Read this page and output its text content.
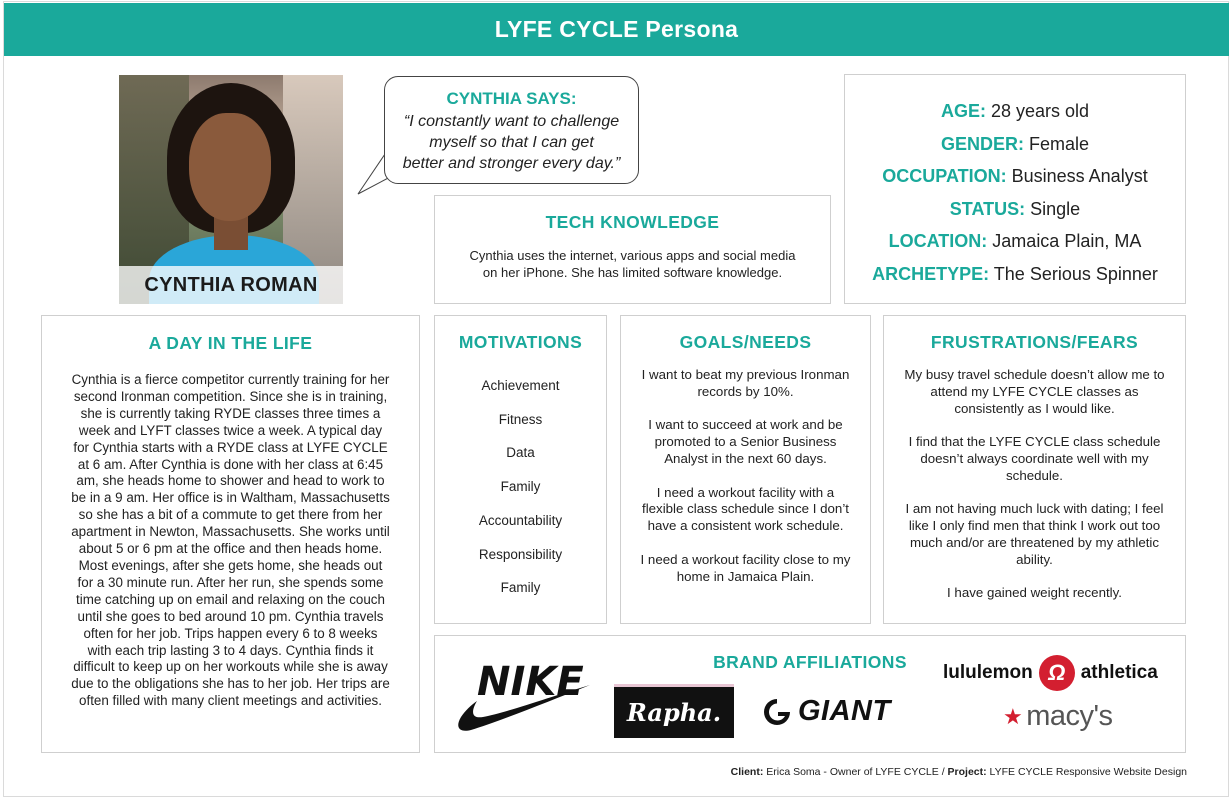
LYFE CYCLE Persona
CYNTHIA ROMAN
CYNTHIA SAYS:
“I constantly want to challenge
myself so that I can get
better and stronger every day.”
AGE: 28 years old
GENDER: Female
OCCUPATION: Business Analyst
STATUS: Single
LOCATION: Jamaica Plain, MA
ARCHETYPE: The Serious Spinner
TECH KNOWLEDGE
Cynthia uses the internet, various apps and social media
on her iPhone. She has limited software knowledge.
A DAY IN THE LIFE
Cynthia is a fierce competitor currently training for her second Ironman competition. Since she is in training, she is currently taking RYDE classes three times a week and LYFT classes twice a week. A typical day for Cynthia starts with a RYDE class at LYFE CYCLE at 6 am. After Cynthia is done with her class at 6:45 am, she heads home to shower and head to work to be in a 9 am. Her office is in Waltham, Massachusetts so she has a bit of a commute to get there from her apartment in Newton, Massachusetts. She works until about 5 or 6 pm at the office and then heads home. Most evenings, after she gets home, she heads out for a 30 minute run. After her run, she spends some time catching up on email and relaxing on the couch until she goes to bed around 10 pm. Cynthia travels often for her job. Trips happen every 6 to 8 weeks with each trip lasting 3 to 4 days. Cynthia finds it difficult to keep up on her workouts while she is away due to the obligations she has to her job. Her trips are often filled with many client meetings and activities.
MOTIVATIONS
Achievement
Fitness
Data
Family
Accountability
Responsibility
Family
GOALS/NEEDS

I want to beat my previous Ironman records by 10%.

I want to succeed at work and be promoted to a Senior Business Analyst in the next 60 days.

I need a workout facility with a flexible class schedule since I don’t have a consistent work schedule.

I need a workout facility close to my home in Jamaica Plain.

FRUSTRATIONS/FEARS

My busy travel schedule doesn’t allow me to attend my LYFE CYCLE classes as consistently as I would like.

I find that the LYFE CYCLE class schedule doesn’t always coordinate well with my schedule.

I am not having much luck with dating; I feel like I only find men that think I work out too much and/or are threatened by my athletic ability.

I have gained weight recently.

BRAND AFFILIATIONS
NIKE
Rapha.	GIANT
lululemon Ω athletica
★ macy's
Client: Erica Soma - Owner of LYFE CYCLE / Project: LYFE CYCLE Responsive Website Design
